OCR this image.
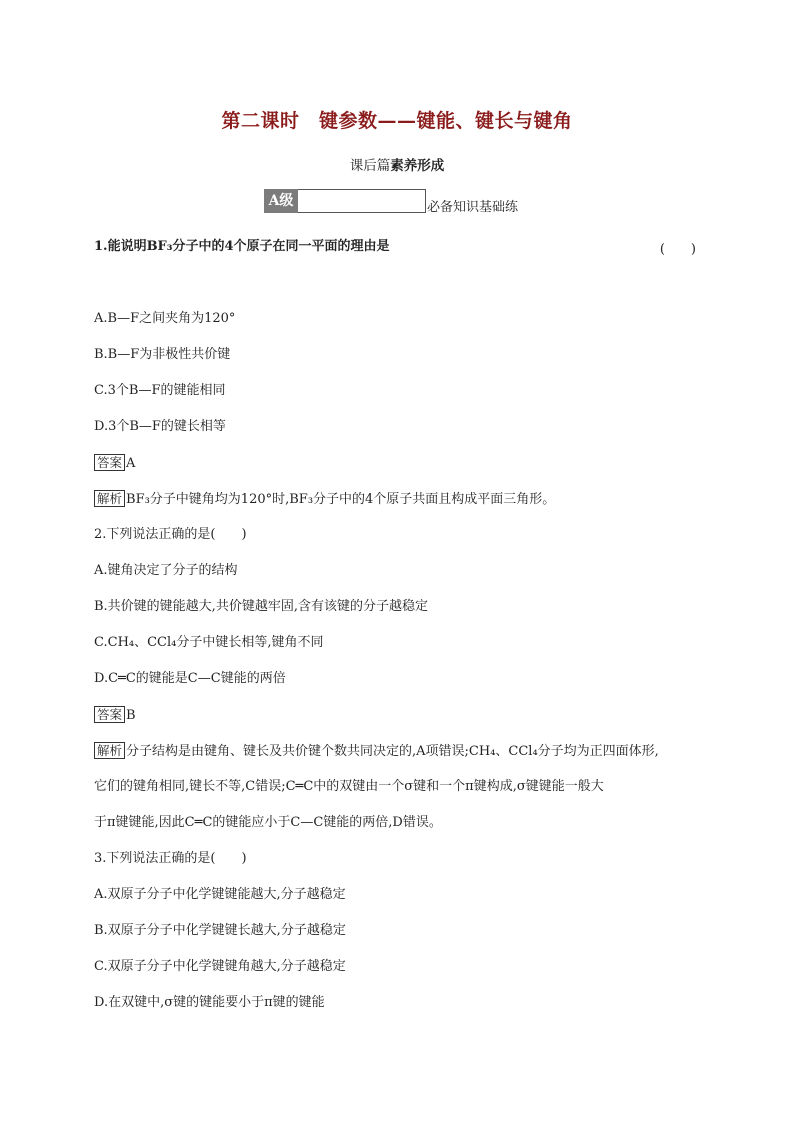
第二课时　键参数——键能、键长与键角
课后篇素养形成
A级	必备知识基础练
1.能说明BF₃分子中的4个原子在同一平面的理由是	(　　)
A.B—F之间夹角为120°
B.B—F为非极性共价键
C.3个B—F的键能相同
D.3个B—F的键长相等
答案 A
解析 BF₃分子中键角均为120°时,BF₃分子中的4个原子共面且构成平面三角形。
2.下列说法正确的是(　　)
A.键角决定了分子的结构
B.共价键的键能越大,共价键越牢固,含有该键的分子越稳定
C.CH₄、CCl₄分子中键长相等,键角不同
D.C═C的键能是C—C键能的两倍
答案 B
解析 分子结构是由键角、键长及共价键个数共同决定的,A项错误;CH₄、CCl₄分子均为正四面体形,
它们的键角相同,键长不等,C错误;C═C中的双键由一个σ键和一个π键构成,σ键键能一般大
于π键键能,因此C═C的键能应小于C—C键能的两倍,D错误。
3.下列说法正确的是(　　)
A.双原子分子中化学键键能越大,分子越稳定
B.双原子分子中化学键键长越大,分子越稳定
C.双原子分子中化学键键角越大,分子越稳定
D.在双键中,σ键的键能要小于π键的键能
